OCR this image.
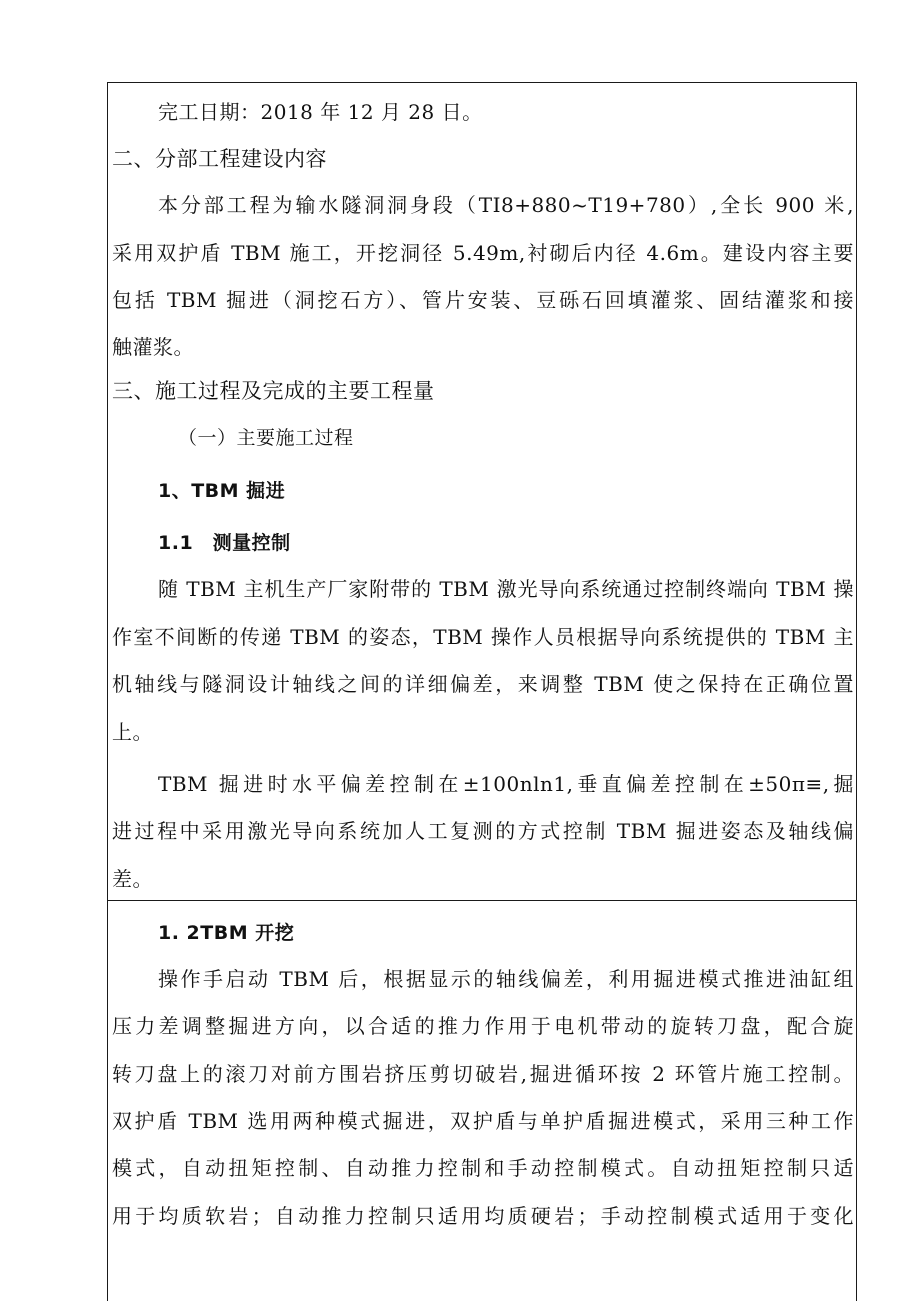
完工日期：2018 年 12 月 28 日。
二、分部工程建设内容
本分部工程为输水隧洞洞身段（TI8+880~T19+780）,全长 900 米,
采用双护盾 TBM 施工，开挖洞径 5.49m,衬砌后内径 4.6m。建设内容主要
包括 TBM 掘进（洞挖石方）、管片安装、豆砾石回填灌浆、固结灌浆和接
触灌浆。
三、施工过程及完成的主要工程量
（一）主要施工过程
1、TBM 掘进
1.1　测量控制
随 TBM 主机生产厂家附带的 TBM 激光导向系统通过控制终端向 TBM 操
作室不间断的传递 TBM 的姿态，TBM 操作人员根据导向系统提供的 TBM 主
机轴线与隧洞设计轴线之间的详细偏差，来调整 TBM 使之保持在正确位置
上。
TBM 掘进时水平偏差控制在±100nln1,垂直偏差控制在±50π≡,掘
进过程中采用激光导向系统加人工复测的方式控制 TBM 掘进姿态及轴线偏
差。
1. 2TBM 开挖
操作手启动 TBM 后，根据显示的轴线偏差，利用掘进模式推进油缸组
压力差调整掘进方向，以合适的推力作用于电机带动的旋转刀盘，配合旋
转刀盘上的滚刀对前方围岩挤压剪切破岩,掘进循环按 2 环管片施工控制。
双护盾 TBM 选用两种模式掘进，双护盾与单护盾掘进模式，采用三种工作
模式，自动扭矩控制、自动推力控制和手动控制模式。自动扭矩控制只适
用于均质软岩；自动推力控制只适用均质硬岩；手动控制模式适用于变化
